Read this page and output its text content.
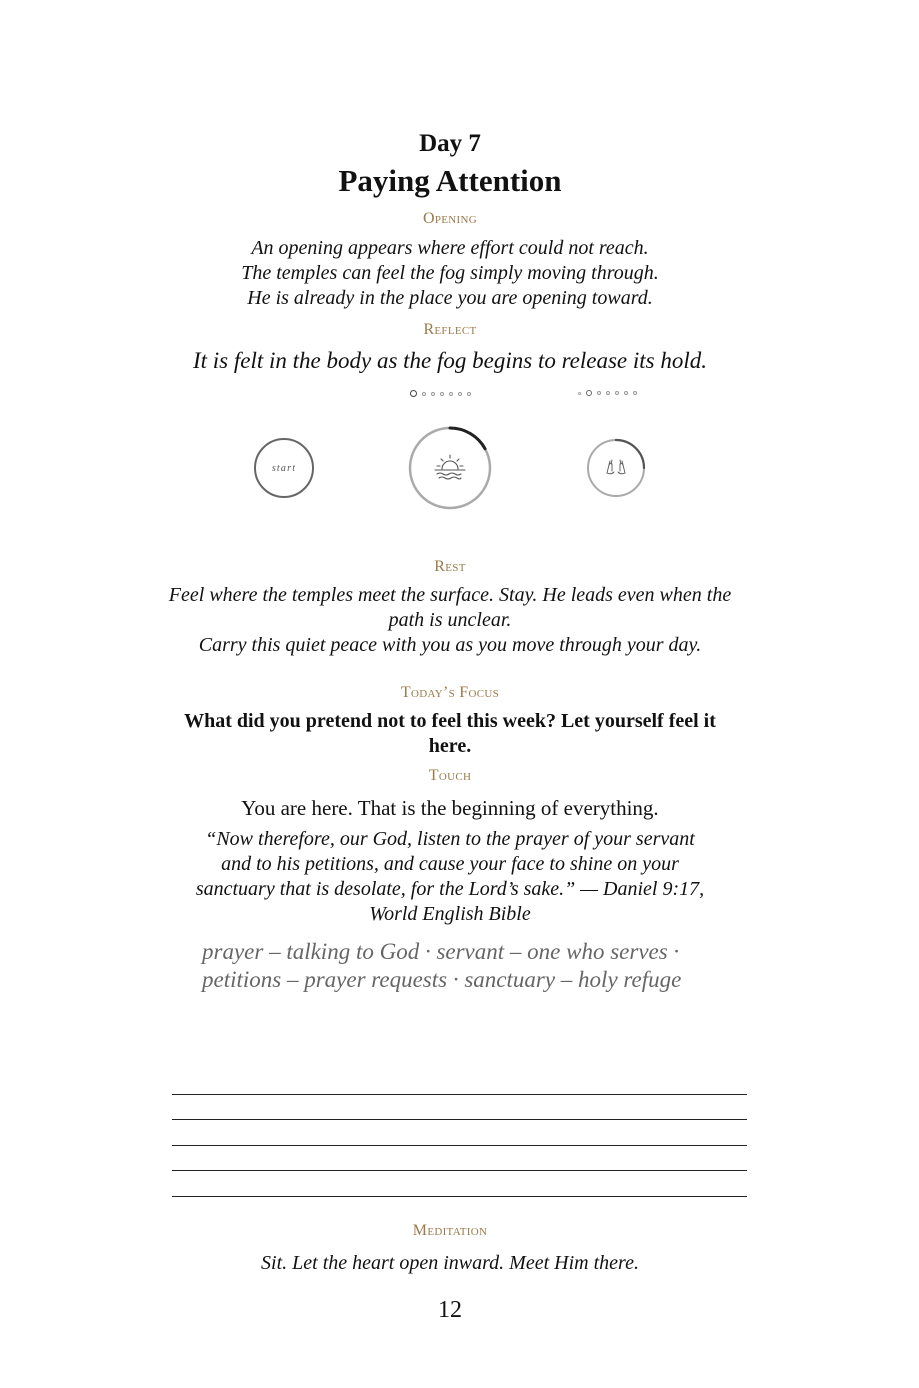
Day 7
Paying Attention
Opening
An opening appears where effort could not reach.
The temples can feel the fog simply moving through.
He is already in the place you are opening toward.
Reflect
It is felt in the body as the fog begins to release its hold.
start
Rest
Feel where the temples meet the surface. Stay. He leads even when the path is unclear.
Carry this quiet peace with you as you move through your day.
Today’s Focus
What did you pretend not to feel this week? Let yourself feel it here.
Touch
You are here. That is the beginning of everything.
“Now therefore, our God, listen to the prayer of your servant and to his petitions, and cause your face to shine on your sanctuary that is desolate, for the Lord’s sake.” — Daniel 9:17, World English Bible
prayer – talking to God · servant – one who serves · petitions – prayer requests · sanctuary – holy refuge
Meditation
Sit. Let the heart open inward. Meet Him there.
12
